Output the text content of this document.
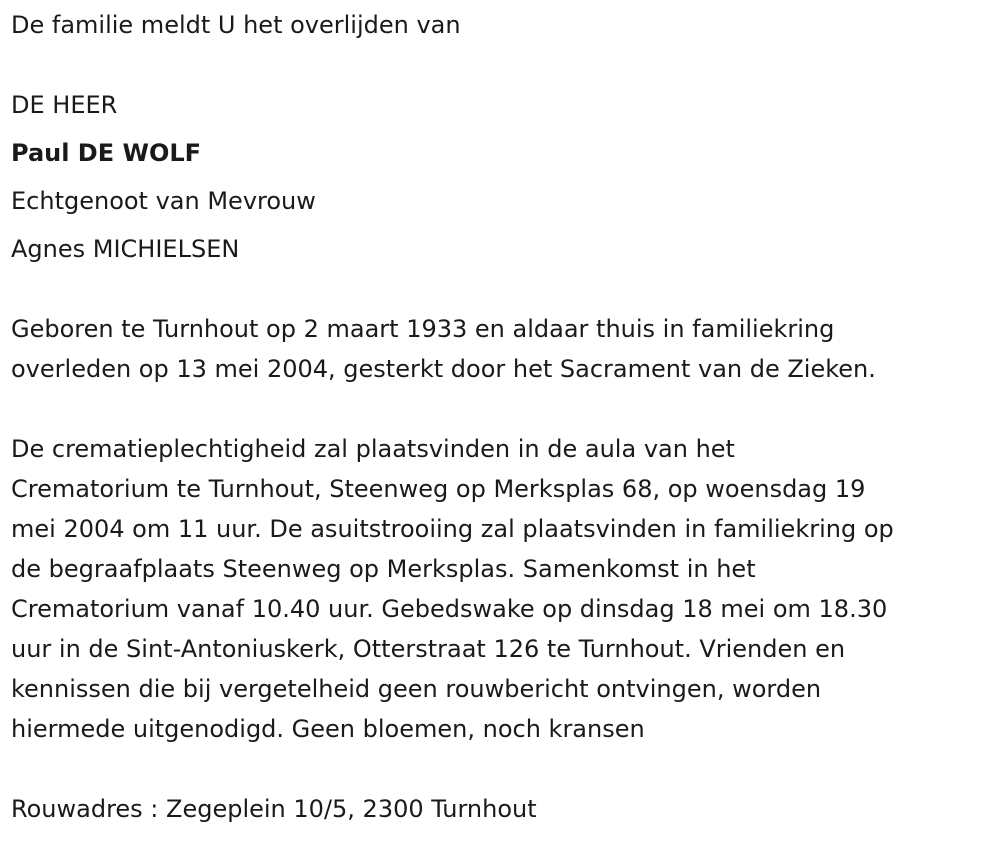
De familie meldt U het overlijden van
DE HEER
Paul DE WOLF
Echtgenoot van Mevrouw
Agnes MICHIELSEN
Geboren te Turnhout op 2 maart 1933 en aldaar thuis in familiekring
overleden op 13 mei 2004, gesterkt door het Sacrament van de Zieken.
De crematieplechtigheid zal plaatsvinden in de aula van het
Crematorium te Turnhout, Steenweg op Merksplas 68, op woensdag 19
mei 2004 om 11 uur. De asuitstrooiing zal plaatsvinden in familiekring op
de begraafplaats Steenweg op Merksplas. Samenkomst in het
Crematorium vanaf 10.40 uur. Gebedswake op dinsdag 18 mei om 18.30
uur in de Sint-Antoniuskerk, Otterstraat 126 te Turnhout. Vrienden en
kennissen die bij vergetelheid geen rouwbericht ontvingen, worden
hiermede uitgenodigd. Geen bloemen, noch kransen
Rouwadres : Zegeplein 10/5, 2300 Turnhout
